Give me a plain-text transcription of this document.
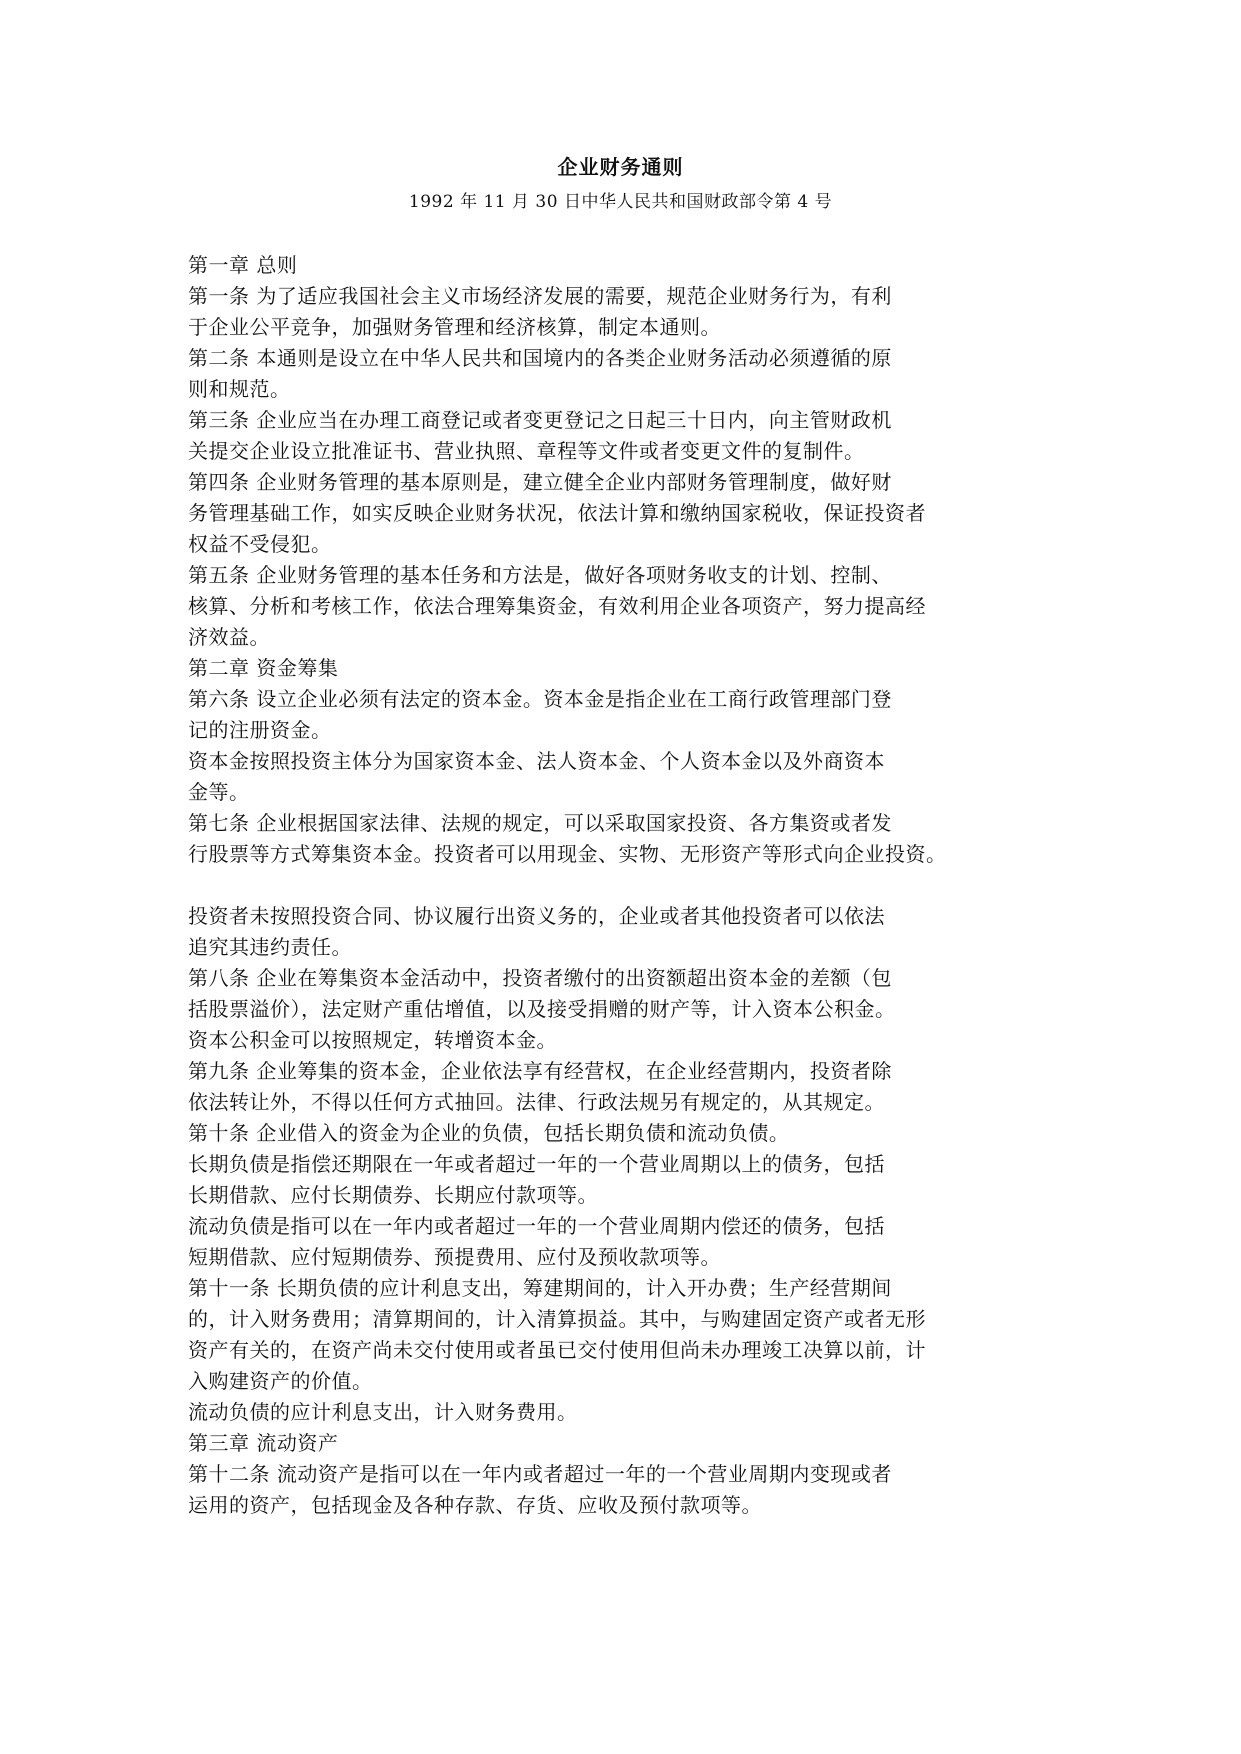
企业财务通则
1992 年 11 月 30 日中华人民共和国财政部令第 4 号
第一章 总则
第一条 为了适应我国社会主义市场经济发展的需要，规范企业财务行为，有利
于企业公平竞争，加强财务管理和经济核算，制定本通则。
第二条 本通则是设立在中华人民共和国境内的各类企业财务活动必须遵循的原
则和规范。
第三条 企业应当在办理工商登记或者变更登记之日起三十日内，向主管财政机
关提交企业设立批准证书、营业执照、章程等文件或者变更文件的复制件。
第四条 企业财务管理的基本原则是，建立健全企业内部财务管理制度，做好财
务管理基础工作，如实反映企业财务状况，依法计算和缴纳国家税收，保证投资者
权益不受侵犯。
第五条 企业财务管理的基本任务和方法是，做好各项财务收支的计划、控制、
核算、分析和考核工作，依法合理筹集资金，有效利用企业各项资产，努力提高经
济效益。
第二章 资金筹集
第六条 设立企业必须有法定的资本金。资本金是指企业在工商行政管理部门登
记的注册资金。
资本金按照投资主体分为国家资本金、法人资本金、个人资本金以及外商资本
金等。
第七条 企业根据国家法律、法规的规定，可以采取国家投资、各方集资或者发
行股票等方式筹集资本金。投资者可以用现金、实物、无形资产等形式向企业投资。
投资者未按照投资合同、协议履行出资义务的，企业或者其他投资者可以依法
追究其违约责任。
第八条 企业在筹集资本金活动中，投资者缴付的出资额超出资本金的差额（包
括股票溢价），法定财产重估增值，以及接受捐赠的财产等，计入资本公积金。
资本公积金可以按照规定，转增资本金。
第九条 企业筹集的资本金，企业依法享有经营权，在企业经营期内，投资者除
依法转让外，不得以任何方式抽回。法律、行政法规另有规定的，从其规定。
第十条 企业借入的资金为企业的负债，包括长期负债和流动负债。
长期负债是指偿还期限在一年或者超过一年的一个营业周期以上的债务，包括
长期借款、应付长期债券、长期应付款项等。
流动负债是指可以在一年内或者超过一年的一个营业周期内偿还的债务，包括
短期借款、应付短期债券、预提费用、应付及预收款项等。
第十一条 长期负债的应计利息支出，筹建期间的，计入开办费；生产经营期间
的，计入财务费用；清算期间的，计入清算损益。其中，与购建固定资产或者无形
资产有关的，在资产尚未交付使用或者虽已交付使用但尚未办理竣工决算以前，计
入购建资产的价值。
流动负债的应计利息支出，计入财务费用。
第三章 流动资产
第十二条 流动资产是指可以在一年内或者超过一年的一个营业周期内变现或者
运用的资产，包括现金及各种存款、存货、应收及预付款项等。
